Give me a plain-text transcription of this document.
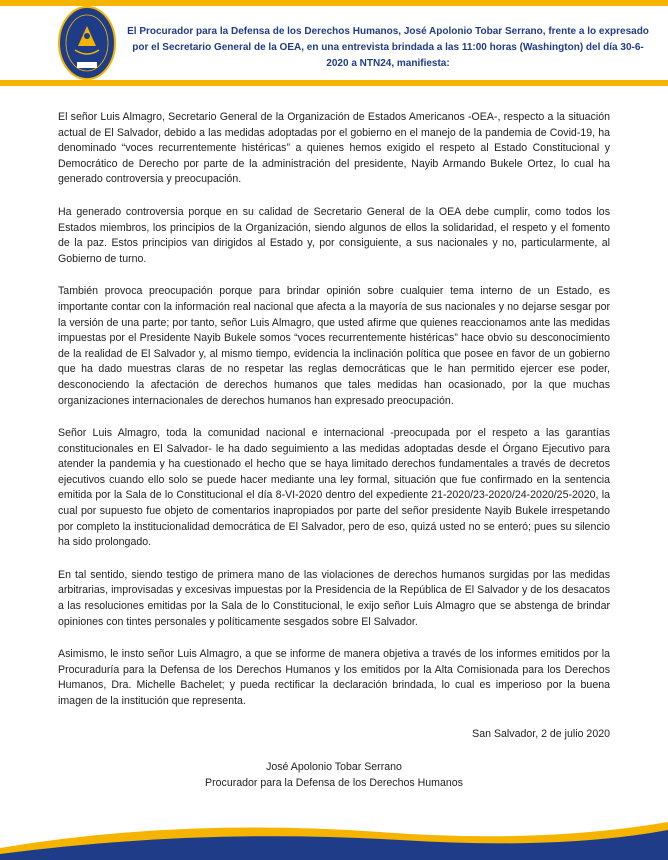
El Procurador para la Defensa de los Derechos Humanos, José Apolonio Tobar Serrano, frente a lo expresado por el Secretario General de la OEA, en una entrevista brindada a las 11:00 horas (Washington) del día 30-6-2020 a NTN24, manifiesta:

El señor Luis Almagro, Secretario General de la Organización de Estados Americanos -OEA-, respecto a la situación actual de El Salvador, debido a las medidas adoptadas por el gobierno en el manejo de la pandemia de Covid-19, ha denominado “voces recurrentemente histéricas” a quienes hemos exigido el respeto al Estado Constitucional y Democrático de Derecho por parte de la administración del presidente, Nayib Armando Bukele Ortez, lo cual ha generado controversia y preocupación.

Ha generado controversia porque en su calidad de Secretario General de la OEA debe cumplir, como todos los Estados miembros, los principios de la Organización, siendo algunos de ellos la solidaridad, el respeto y el fomento de la paz. Estos principios van dirigidos al Estado y, por consiguiente, a sus nacionales y no, particularmente, al Gobierno de turno.

También provoca preocupación porque para brindar opinión sobre cualquier tema interno de un Estado, es importante contar con la información real nacional que afecta a la mayoría de sus nacionales y no dejarse sesgar por la versión de una parte; por tanto, señor Luis Almagro, que usted afirme que quienes reaccionamos ante las medidas impuestas por el Presidente Nayib Bukele somos “voces recurrentemente histéricas” hace obvio su desconocimiento de la realidad de El Salvador y, al mismo tiempo, evidencia la inclinación política que posee en favor de un gobierno que ha dado muestras claras de no respetar las reglas democráticas que le han permitido ejercer ese poder, desconociendo la afectación de derechos humanos que tales medidas han ocasionado, por la que muchas organizaciones internacionales de derechos humanos han expresado preocupación.

Señor Luis Almagro, toda la comunidad nacional e internacional -preocupada por el respeto a las garantías constitucionales en El Salvador- le ha dado seguimiento a las medidas adoptadas desde el Órgano Ejecutivo para atender la pandemia y ha cuestionado el hecho que se haya limitado derechos fundamentales a través de decretos ejecutivos cuando ello solo se puede hacer mediante una ley formal, situación que fue confirmado en la sentencia emitida por la Sala de lo Constitucional el día 8-VI-2020 dentro del expediente 21-2020/23-2020/24-2020/25-2020, la cual por supuesto fue objeto de comentarios inapropiados por parte del señor presidente Nayib Bukele irrespetando por completo la institucionalidad democrática de El Salvador, pero de eso, quizá usted no se enteró; pues su silencio ha sido prolongado.

En tal sentido, siendo testigo de primera mano de las violaciones de derechos humanos surgidas por las medidas arbitrarias, improvisadas y excesivas impuestas por la Presidencia de la República de El Salvador y de los desacatos a las resoluciones emitidas por la Sala de lo Constitucional, le exijo señor Luis Almagro que se abstenga de brindar opiniones con tintes personales y políticamente sesgados sobre El Salvador.

Asimismo, le insto señor Luis Almagro, a que se informe de manera objetiva a través de los informes emitidos por la Procuraduría para la Defensa de los Derechos Humanos y los emitidos por la Alta Comisionada para los Derechos Humanos, Dra. Michelle Bachelet; y pueda rectificar la declaración brindada, lo cual es imperioso por la buena imagen de la institución que representa.

San Salvador, 2 de julio 2020
José Apolonio Tobar Serrano
Procurador para la Defensa de los Derechos Humanos
